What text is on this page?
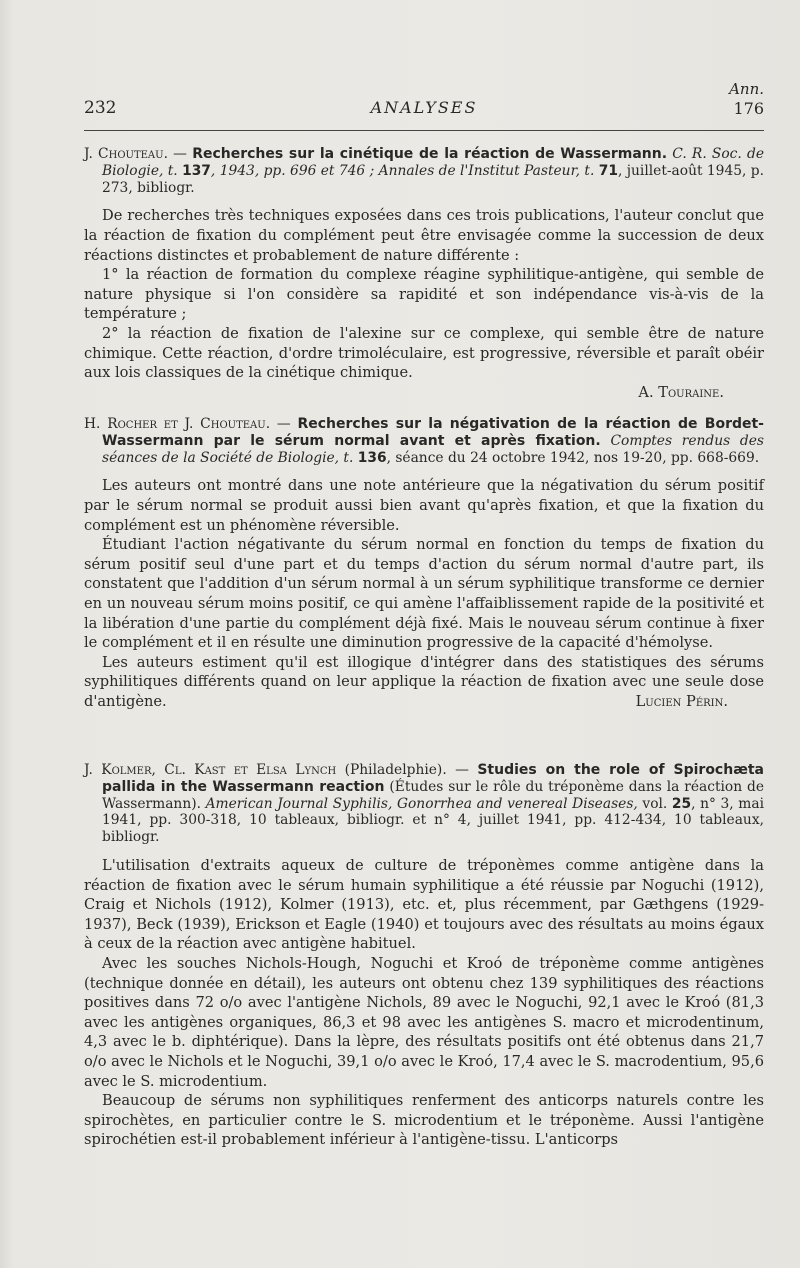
232	ANALYSES
Ann.
176

J. Chouteau. — Recherches sur la cinétique de la réaction de Wassermann. C. R. Soc. de Biologie, t. 137, 1943, pp. 696 et 746 ; Annales de l'Institut Pasteur, t. 71, juillet-août 1945, p. 273, bibliogr.

De recherches très techniques exposées dans ces trois publications, l'auteur conclut que la réaction de fixation du complément peut être envisagée comme la succession de deux réactions distinctes et probablement de nature différente :

1° la réaction de formation du complexe réagine syphilitique-antigène, qui semble de nature physique si l'on considère sa rapidité et son indépendance vis-à-vis de la température ;

2° la réaction de fixation de l'alexine sur ce complexe, qui semble être de nature chimique. Cette réaction, d'ordre trimoléculaire, est progressive, réversible et paraît obéir aux lois classiques de la cinétique chimique.

A. Touraine.

H. Rocher et J. Chouteau. — Recherches sur la négativation de la réaction de Bordet-Wassermann par le sérum normal avant et après fixation. Comptes rendus des séances de la Société de Biologie, t. 136, séance du 24 octobre 1942, nos 19-20, pp. 668-669.

Les auteurs ont montré dans une note antérieure que la négativation du sérum positif par le sérum normal se produit aussi bien avant qu'après fixation, et que la fixation du complément est un phénomène réversible.

Étudiant l'action négativante du sérum normal en fonction du temps de fixation du sérum positif seul d'une part et du temps d'action du sérum normal d'autre part, ils constatent que l'addition d'un sérum normal à un sérum syphilitique transforme ce dernier en un nouveau sérum moins positif, ce qui amène l'affaiblissement rapide de la positivité et la libération d'une partie du complément déjà fixé. Mais le nouveau sérum continue à fixer le complément et il en résulte une diminution progressive de la capacité d'hémolyse.

Les auteurs estiment qu'il est illogique d'intégrer dans des statistiques des sérums syphilitiques différents quand on leur applique la réaction de fixation avec une seule dose d'antigène.	Lucien Périn.

J. Kolmer, Cl. Kast et Elsa Lynch (Philadelphie). — Studies on the role of Spirochæta pallida in the Wassermann reaction (Études sur le rôle du tréponème dans la réaction de Wassermann). American Journal Syphilis, Gonorrhea and venereal Diseases, vol. 25, n° 3, mai 1941, pp. 300-318, 10 tableaux, bibliogr. et n° 4, juillet 1941, pp. 412-434, 10 tableaux, bibliogr.

L'utilisation d'extraits aqueux de culture de tréponèmes comme antigène dans la réaction de fixation avec le sérum humain syphilitique a été réussie par Noguchi (1912), Craig et Nichols (1912), Kolmer (1913), etc. et, plus récemment, par Gæthgens (1929-1937), Beck (1939), Erickson et Eagle (1940) et toujours avec des résultats au moins égaux à ceux de la réaction avec antigène habituel.

Avec les souches Nichols-Hough, Noguchi et Kroó de tréponème comme antigènes (technique donnée en détail), les auteurs ont obtenu chez 139 syphilitiques des réactions positives dans 72 o/o avec l'antigène Nichols, 89 avec le Noguchi, 92,1 avec le Kroó (81,3 avec les antigènes organiques, 86,3 et 98 avec les antigènes S. macro et microdentinum, 4,3 avec le b. diphtérique). Dans la lèpre, des résultats positifs ont été obtenus dans 21,7 o/o avec le Nichols et le Noguchi, 39,1 o/o avec le Kroó, 17,4 avec le S. macrodentium, 95,6 avec le S. microdentium.

Beaucoup de sérums non syphilitiques renferment des anticorps naturels contre les spirochètes, en particulier contre le S. microdentium et le tréponème. Aussi l'antigène spirochétien est-il probablement inférieur à l'antigène-tissu. L'anticorps
